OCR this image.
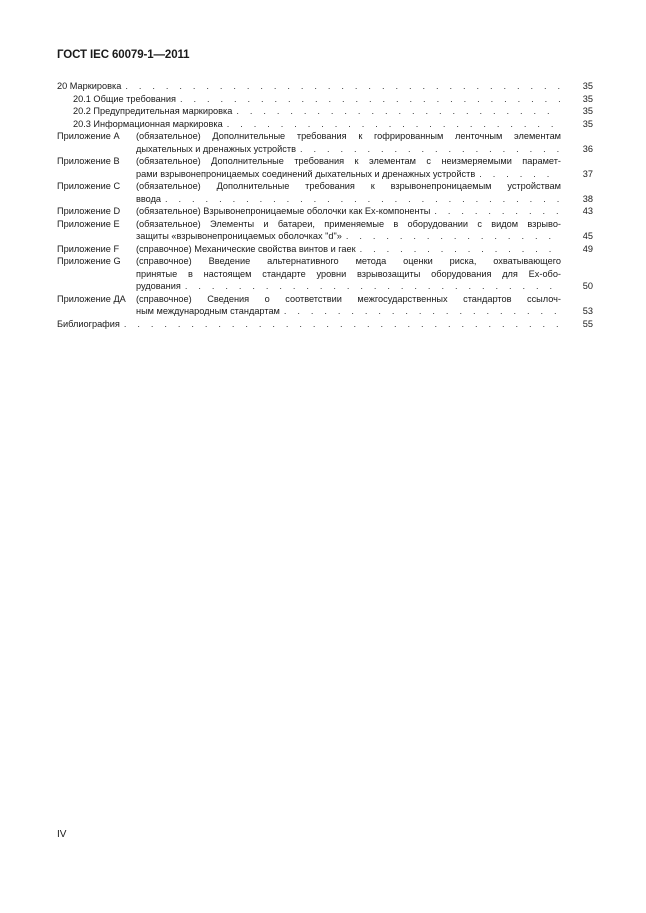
ГОСТ IEC 60079-1—2011
20 Маркировка . . .	35
20.1 Общие требования . . .	35
20.2 Предупредительная маркировка . . .	35
20.3 Информационная маркировка . . .	35
Приложение А	(обязательное) Дополнительные требования к гофрированным ленточным элементам
дыхательных и дренажных устройств . . .	36
Приложение В	(обязательное) Дополнительные требования к элементам с неизмеряемыми парамет-
рами взрывонепроницаемых соединений дыхательных и дренажных устройств . . .	37
Приложение С	(обязательное) Дополнительные требования к взрывонепроницаемым устройствам
ввода . . .	38
Приложение D	(обязательное) Взрывонепроницаемые оболочки как Ех-компоненты . . .	43
Приложение Е	(обязательное) Элементы и батареи, применяемые в оборудовании с видом взрыво-
защиты «взрывонепроницаемых оболочках "d"» . . .	45
Приложение F	(справочное) Механические свойства винтов и гаек . . .	49
Приложение G	(справочное) Введение альтернативного метода оценки риска, охватывающего
принятые в настоящем стандарте уровни взрывозащиты оборудования для Ех-обо-
рудования . . .	50
Приложение ДА	(справочное) Сведения о соответствии межгосударственных стандартов ссылоч-
ным международным стандартам . . .	53
Библиография . . .	55
IV
